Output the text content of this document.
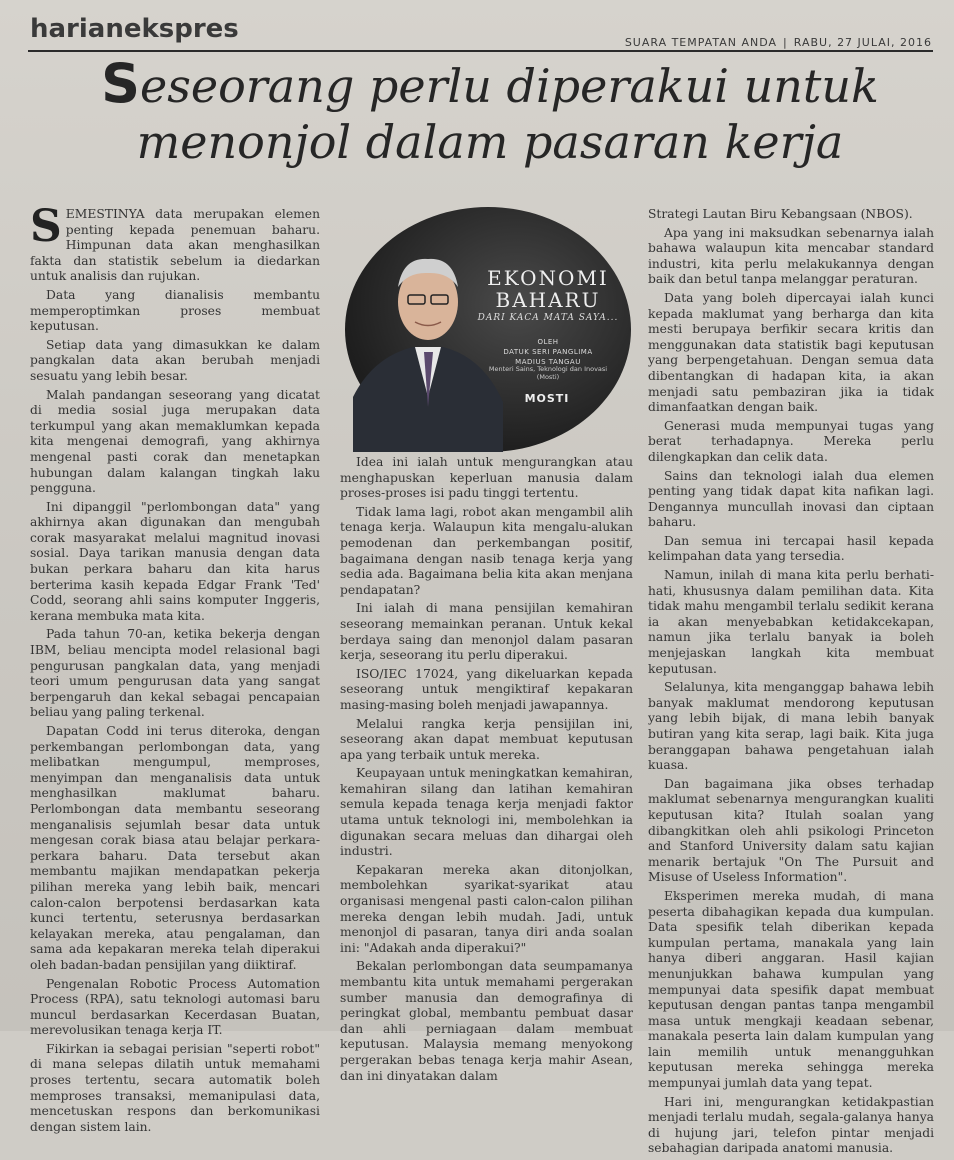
harianekspres	SUARA TEMPATAN ANDA | RABU, 27 JULAI, 2016
Seseorang perlu diperakui untuk
menonjol dalam pasaran kerja

SEMESTINYA data merupakan elemen penting kepada penemuan baharu. Himpunan data akan menghasilkan fakta dan statistik sebelum ia diedarkan untuk analisis dan rujukan.

Data yang dianalisis membantu memperoptimkan proses membuat keputusan.

Setiap data yang dimasukkan ke dalam pangkalan data akan berubah menjadi sesuatu yang lebih besar.

Malah pandangan seseorang yang dicatat di media sosial juga merupakan data terkumpul yang akan memaklumkan kepada kita mengenai demografi, yang akhirnya mengenal pasti corak dan menetapkan hubungan dalam kalangan tingkah laku pengguna.

Ini dipanggil "perlombongan data" yang akhirnya akan digunakan dan mengubah corak masyarakat melalui magnitud inovasi sosial. Daya tarikan manusia dengan data bukan perkara baharu dan kita harus berterima kasih kepada Edgar Frank 'Ted' Codd, seorang ahli sains komputer Inggeris, kerana membuka mata kita.

Pada tahun 70-an, ketika bekerja dengan IBM, beliau mencipta model relasional bagi pengurusan pangkalan data, yang menjadi teori umum pengurusan data yang sangat berpengaruh dan kekal sebagai pencapaian beliau yang paling terkenal.

Dapatan Codd ini terus diteroka, dengan perkembangan perlombongan data, yang melibatkan mengumpul, memproses, menyimpan dan menganalisis data untuk menghasilkan maklumat baharu. Perlombongan data membantu seseorang menganalisis sejumlah besar data untuk mengesan corak biasa atau belajar perkara-perkara baharu. Data tersebut akan membantu majikan mendapatkan pekerja pilihan mereka yang lebih baik, mencari calon-calon berpotensi berdasarkan kata kunci tertentu, seterusnya berdasarkan kelayakan mereka, atau pengalaman, dan sama ada kepakaran mereka telah diperakui oleh badan-badan pensijilan yang diiktiraf.

Pengenalan Robotic Process Automation Process (RPA), satu teknologi automasi baru muncul berdasarkan Kecerdasan Buatan, merevolusikan tenaga kerja IT.

Fikirkan ia sebagai perisian "seperti robot" di mana selepas dilatih untuk memahami proses tertentu, secara automatik boleh memproses transaksi, memanipulasi data, mencetuskan respons dan berkomunikasi dengan sistem lain.

EKONOMI
BAHARU
DARI KACA MATA SAYA...
OLEH
DATUK SERI PANGLIMA
MADIUS TANGAU
Menteri Sains, Teknologi dan Inovasi (Mosti)
MOSTI

Idea ini ialah untuk mengurangkan atau menghapuskan keperluan manusia dalam proses-proses isi padu tinggi tertentu.

Tidak lama lagi, robot akan mengambil alih tenaga kerja. Walaupun kita mengalu-alukan pemodenan dan perkembangan positif, bagaimana dengan nasib tenaga kerja yang sedia ada. Bagaimana belia kita akan menjana pendapatan?

Ini ialah di mana pensijilan kemahiran seseorang memainkan peranan. Untuk kekal berdaya saing dan menonjol dalam pasaran kerja, seseorang itu perlu diperakui.

ISO/IEC 17024, yang dikeluarkan kepada seseorang untuk mengiktiraf kepakaran masing-masing boleh menjadi jawapannya.

Melalui rangka kerja pensijilan ini, seseorang akan dapat membuat keputusan apa yang terbaik untuk mereka.

Keupayaan untuk meningkatkan kemahiran, kemahiran silang dan latihan kemahiran semula kepada tenaga kerja menjadi faktor utama untuk teknologi ini, membolehkan ia digunakan secara meluas dan dihargai oleh industri.

Kepakaran mereka akan ditonjolkan, membolehkan syarikat-syarikat atau organisasi mengenal pasti calon-calon pilihan mereka dengan lebih mudah. Jadi, untuk menonjol di pasaran, tanya diri anda soalan ini: "Adakah anda diperakui?"

Bekalan perlombongan data seumpamanya membantu kita untuk memahami pergerakan sumber manusia dan demografinya di peringkat global, membantu pembuat dasar dan ahli perniagaan dalam membuat keputusan. Malaysia memang menyokong pergerakan bebas tenaga kerja mahir Asean, dan ini dinyatakan dalam

Strategi Lautan Biru Kebangsaan (NBOS).

Apa yang ini maksudkan sebenarnya ialah bahawa walaupun kita mencabar standard industri, kita perlu melakukannya dengan baik dan betul tanpa melanggar peraturan.

Data yang boleh dipercayai ialah kunci kepada maklumat yang berharga dan kita mesti berupaya berfikir secara kritis dan menggunakan data statistik bagi keputusan yang berpengetahuan. Dengan semua data dibentangkan di hadapan kita, ia akan menjadi satu pembaziran jika ia tidak dimanfaatkan dengan baik.

Generasi muda mempunyai tugas yang berat terhadapnya. Mereka perlu dilengkapkan dan celik data.

Sains dan teknologi ialah dua elemen penting yang tidak dapat kita nafikan lagi. Dengannya muncullah inovasi dan ciptaan baharu.

Dan semua ini tercapai hasil kepada kelimpahan data yang tersedia.

Namun, inilah di mana kita perlu berhati-hati, khususnya dalam pemilihan data. Kita tidak mahu mengambil terlalu sedikit kerana ia akan menyebabkan ketidakcekapan, namun jika terlalu banyak ia boleh menjejaskan langkah kita membuat keputusan.

Selalunya, kita menganggap bahawa lebih banyak maklumat mendorong keputusan yang lebih bijak, di mana lebih banyak butiran yang kita serap, lagi baik. Kita juga beranggapan bahawa pengetahuan ialah kuasa.

Dan bagaimana jika obses terhadap maklumat sebenarnya mengurangkan kualiti keputusan kita? Itulah soalan yang dibangkitkan oleh ahli psikologi Princeton and Stanford University dalam satu kajian menarik bertajuk "On The Pursuit and Misuse of Useless Information".

Eksperimen mereka mudah, di mana peserta dibahagikan kepada dua kumpulan. Data spesifik telah diberikan kepada kumpulan pertama, manakala yang lain hanya diberi anggaran. Hasil kajian menunjukkan bahawa kumpulan yang mempunyai data spesifik dapat membuat keputusan dengan pantas tanpa mengambil masa untuk mengkaji keadaan sebenar, manakala peserta lain dalam kumpulan yang lain memilih untuk menangguhkan keputusan mereka sehingga mereka mempunyai jumlah data yang tepat.

Hari ini, mengurangkan ketidakpastian menjadi terlalu mudah, segala-galanya hanya di hujung jari, telefon pintar menjadi sebahagian daripada anatomi manusia.
